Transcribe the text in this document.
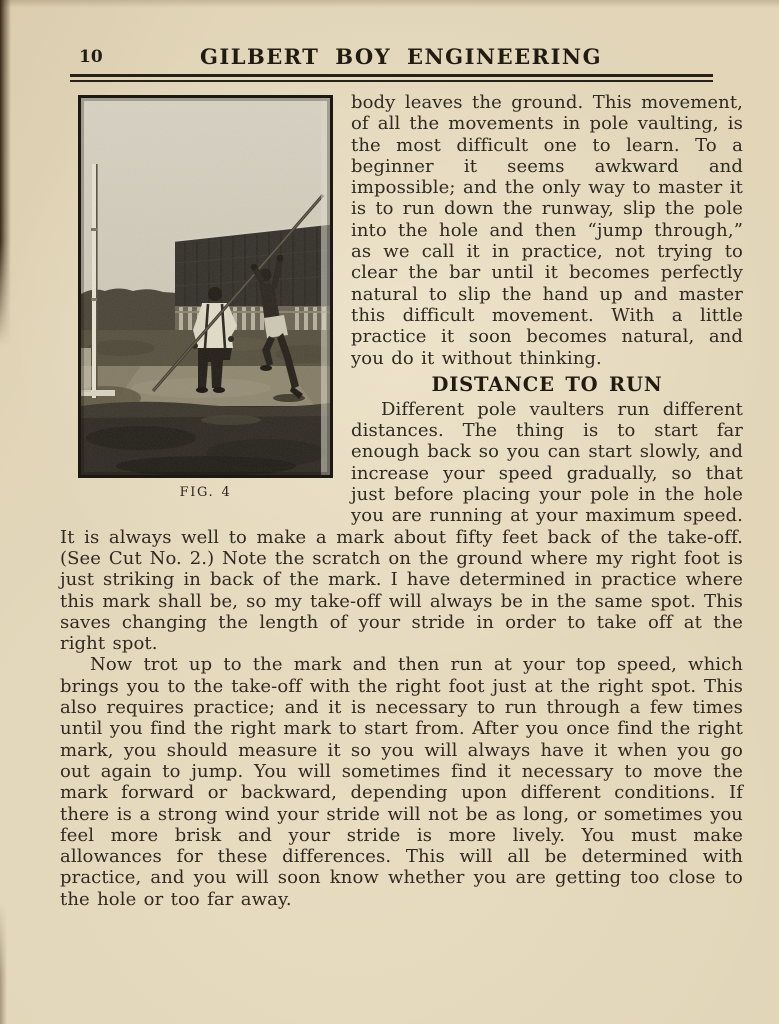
10	GILBERT BOY ENGINEERING
FIG. 4

body leaves the ground. This movement, of all the movements in pole vaulting, is the most difficult one to learn. To a beginner it seems awkward and impossible; and the only way to master it is to run down the runway, slip the pole into the hole and then “jump through,” as we call it in practice, not trying to clear the bar until it becomes perfectly natural to slip the hand up and master this difficult movement. With a little practice it soon becomes natural, and you do it without thinking.

DISTANCE TO RUN

Different pole vaulters run different distances. The thing is to start far enough back so you can start slowly, and increase your speed gradually, so that just before placing your pole in the hole you are running at your maximum speed. It is always well to make a mark about fifty feet back of the take-off. (See Cut No. 2.) Note the scratch on the ground where my right foot is just striking in back of the mark. I have determined in practice where this mark shall be, so my take-off will always be in the same spot. This saves changing the length of your stride in order to take off at the right spot.

Now trot up to the mark and then run at your top speed, which brings you to the take-off with the right foot just at the right spot. This also requires practice; and it is necessary to run through a few times until you find the right mark to start from. After you once find the right mark, you should measure it so you will always have it when you go out again to jump. You will sometimes find it necessary to move the mark forward or backward, depending upon different conditions. If there is a strong wind your stride will not be as long, or sometimes you feel more brisk and your stride is more lively. You must make allowances for these differences. This will all be determined with practice, and you will soon know whether you are getting too close to the hole or too far away.
